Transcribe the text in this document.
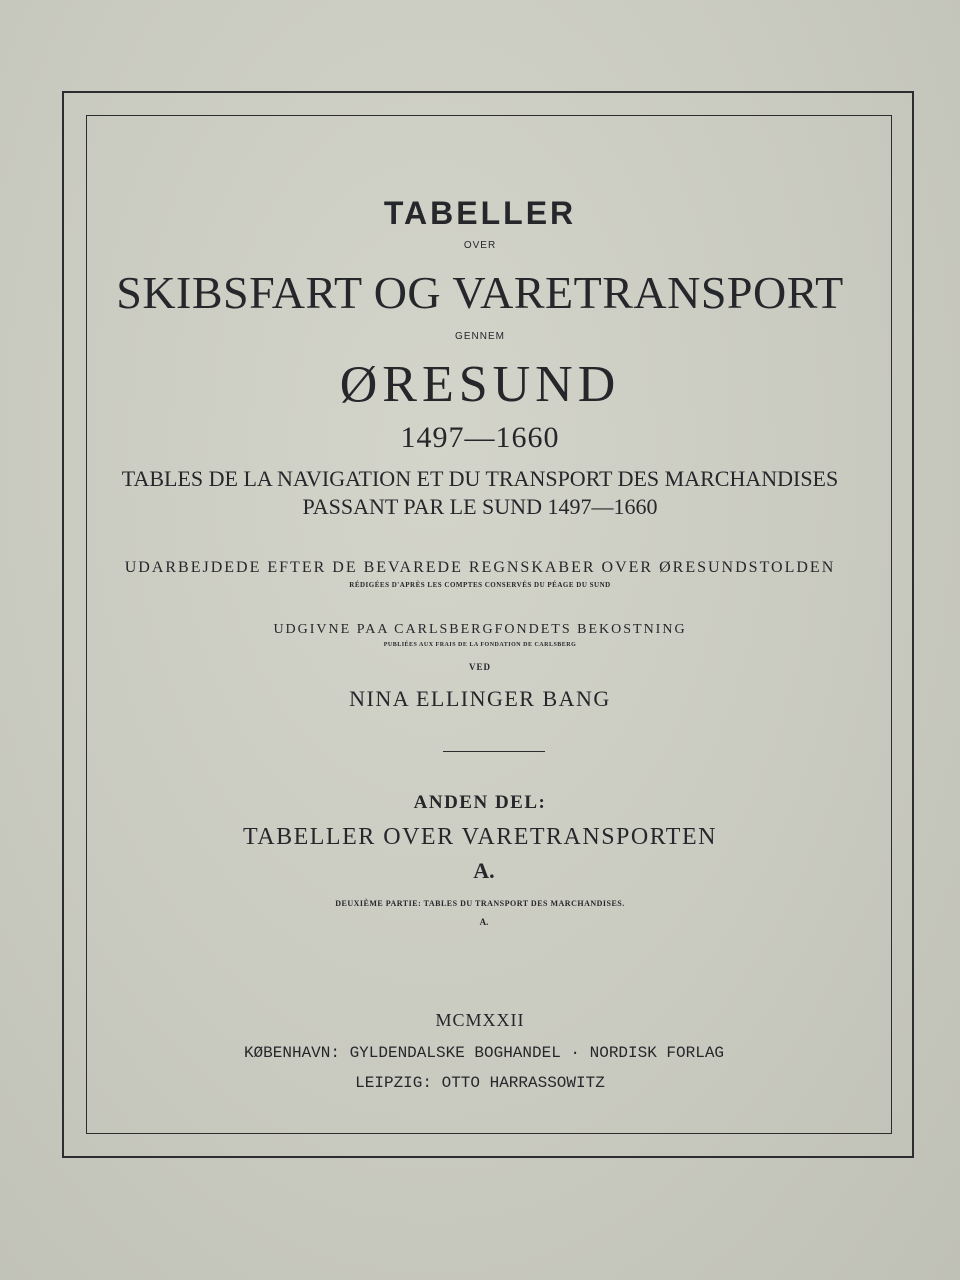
TABELLER
OVER
SKIBSFART OG VARETRANSPORT
GENNEM
ØRESUND
1497—1660
TABLES DE LA NAVIGATION ET DU TRANSPORT DES MARCHANDISES
PASSANT PAR LE SUND 1497—1660
UDARBEJDEDE EFTER DE BEVAREDE REGNSKABER OVER ØRESUNDSTOLDEN
RÉDIGÉES D'APRÈS LES COMPTES CONSERVÉS DU PÉAGE DU SUND
UDGIVNE PAA CARLSBERGFONDETS BEKOSTNING
PUBLIÉES AUX FRAIS DE LA FONDATION DE CARLSBERG
VED
NINA ELLINGER BANG
ANDEN DEL:
TABELLER OVER VARETRANSPORTEN
A.
DEUXIÈME PARTIE: TABLES DU TRANSPORT DES MARCHANDISES.
A.
MCMXXII
KØBENHAVN: GYLDENDALSKE BOGHANDEL · NORDISK FORLAG
LEIPZIG: OTTO HARRASSOWITZ
